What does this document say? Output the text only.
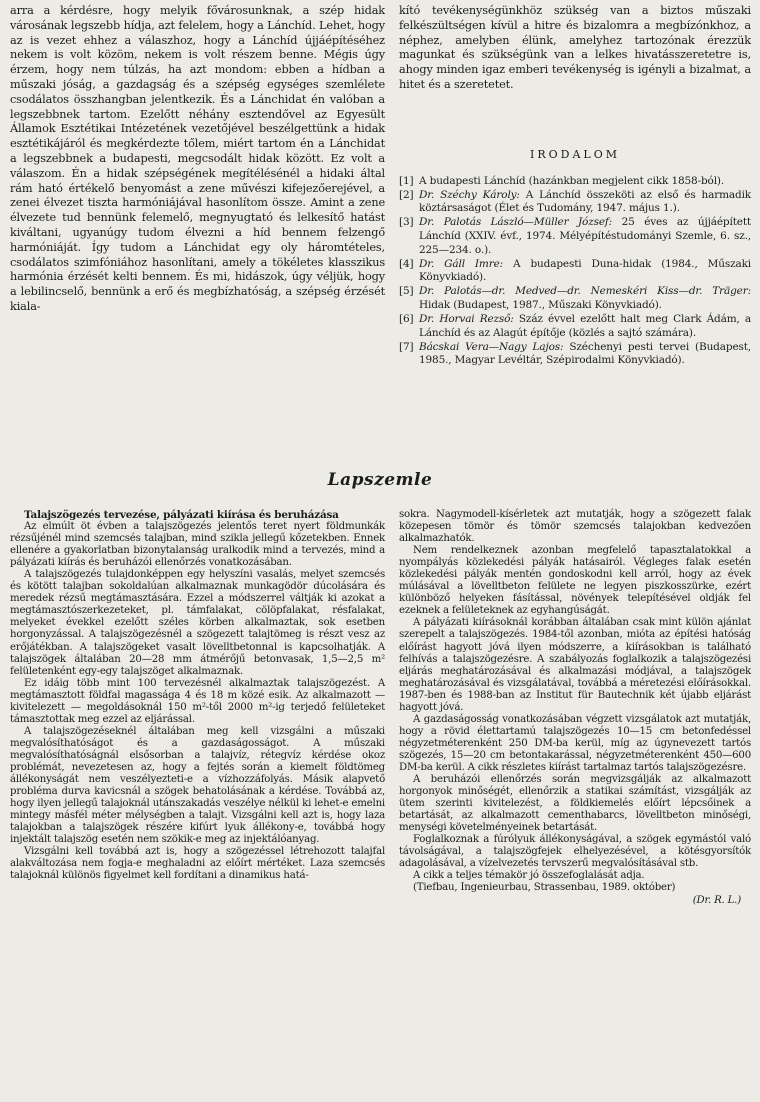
arra a kérdésre, hogy melyik fővárosunknak, a szép hidak városának legszebb hídja, azt felelem, hogy a Lánchíd. Lehet, hogy az is vezet ehhez a válaszhoz, hogy a Lánchíd újjáépítéséhez nekem is volt közöm, nekem is volt részem benne. Mégis úgy érzem, hogy nem túlzás, ha azt mondom: ebben a hídban a műszaki jóság, a gazdagság és a szépség egységes szemlélete csodálatos összhangban jelentkezik. És a Lánchidat én valóban a legszebbnek tartom. Ezelőtt néhány esztendővel az Egyesült Államok Esztétikai Intézetének vezetőjével beszélgettünk a hidak esztétikájáról és megkérdezte tőlem, miért tartom én a Lánchidat a legszebbnek a budapesti, megcsodált hidak között. Ez volt a válaszom. Én a hidak szépségének megítélésénél a hidaki által rám ható értékelő benyomást a zene művészi kifejezőerejével, a zenei élvezet tiszta harmóniájával hasonlítom össze. Amint a zene élvezete tud bennünk felemelő, megnyugtató és lelkesítő hatást kiváltani, ugyanúgy tudom élvezni a híd bennem felzengő harmóniáját. Így tudom a Lánchidat egy oly háromtételes, csodálatos szimfóniához hasonlítani, amely a tökéletes klasszikus harmónia érzését kelti bennem. És mi, hidászok, úgy véljük, hogy a lebilincselő, bennünk a erő és megbízhatóság, a szépség érzését kiala-

kító tevékenységünkhöz szükség van a biztos műszaki felkészültségen kívül a hitre és bizalomra a megbízónkhoz, a néphez, amelyben élünk, amelyhez tartozónak érezzük magunkat és szükségünk van a lelkes hivatásszeretetre is, ahogy minden igaz emberi tevékenység is igényli a bizalmat, a hitet és a szeretetet.

IRODALOM
[1] A budapesti Lánchíd (hazánkban megjelent cikk 1858-ból).
[2] Dr. Széchy Károly: A Lánchíd összeköti az első és harmadik köztársaságot (Élet és Tudomány, 1947. május 1.).
[3] Dr. Palotás László—Müller József: 25 éves az újjáépített Lánchíd (XXIV. évf., 1974. Mélyépítéstudományi Szemle, 6. sz., 225—234. o.).
[4] Dr. Gáll Imre: A budapesti Duna-hidak (1984., Műszaki Könyvkiadó).
[5] Dr. Palotás—dr. Medved—dr. Nemeskéri Kiss—dr. Träger: Hidak (Budapest, 1987., Műszaki Könyvkiadó).
[6] Dr. Horvai Rezső: Száz évvel ezelőtt halt meg Clark Ádám, a Lánchíd és az Alagút építője (közlés a sajtó számára).
[7] Bácskai Vera—Nagy Lajos: Széchenyi pesti tervei (Budapest, 1985., Magyar Levéltár, Szépirodalmi Könyvkiadó).
Lapszemle

Talajszögezés tervezése, pályázati kiírása és beruházása

Az elmúlt öt évben a talajszögezés jelentős teret nyert földmunkák rézsűjénél mind szemcsés talajban, mind szikla jellegű kőzetekben. Ennek ellenére a gyakorlatban bizonytalanság uralkodik mind a tervezés, mind a pályázati kiírás és beruházói ellenőrzés vonatkozásában.

A talajszögezés tulajdonképpen egy helyszíni vasalás, melyet szemcsés és kötött talajban sokoldalúan alkalmaznak munkagödör dúcolására és meredek rézsű megtámasztására. Ezzel a módszerrel váltják ki azokat a megtámasztószerkezeteket, pl. támfalakat, cölöpfalakat, résfalakat, melyeket évekkel ezelőtt széles körben alkalmaztak, sok esetben horgonyzással. A talajszögezésnél a szögezett talajtömeg is részt vesz az erőjátékban. A talajszögeket vasalt lövelltbetonnal is kapcsolhatják. A talajszögek általában 20—28 mm átmérőjű betonvasak, 1,5—2,5 m² felületenként egy-egy talajszöget alkalmaznak.

Ez idáig több mint 100 tervezésnél alkalmaztak talajszögezést. A megtámasztott földfal magassága 4 és 18 m közé esik. Az alkalmazott — kivitelezett — megoldásoknál 150 m²-től 2000 m²-ig terjedő felületeket támasztottak meg ezzel az eljárással.

A talajszögezéseknél általában meg kell vizsgálni a műszaki megvalósíthatóságot és a gazdaságosságot. A műszaki megvalósíthatóságnál elsősorban a talajvíz, rétegvíz kérdése okoz problémát, nevezetesen az, hogy a fejtés során a kiemelt földtömeg állékonyságát nem veszélyezteti-e a vízhozzáfolyás. Másik alapvető probléma durva kavicsnál a szögek behatolásának a kérdése. Továbbá az, hogy ilyen jellegű talajoknál utánszakadás veszélye nélkül ki lehet-e emelni mintegy másfél méter mélységben a talajt. Vizsgálni kell azt is, hogy laza talajokban a talajszögek részére kifúrt lyuk állékony-e, továbbá hogy injektált talajszög esetén nem szökik-e meg az injektálóanyag.

Vizsgálni kell továbbá azt is, hogy a szögezéssel létrehozott talajfal alakváltozása nem fogja-e meghaladni az előírt mértéket. Laza szemcsés talajoknál különös figyelmet kell fordítani a dinamikus hatá-

sokra. Nagymodell-kísérletek azt mutatják, hogy a szögezett falak közepesen tömör és tömör szemcsés talajokban kedvezően alkalmazhatók.

Nem rendelkeznek azonban megfelelő tapasztalatokkal a nyompályás közlekedési pályák hatásairól. Végleges falak esetén közlekedési pályák mentén gondoskodni kell arról, hogy az évek múlásával a lövelltbeton felülete ne legyen piszkosszürke, ezért különböző helyeken fásítással, növények telepítésével oldják fel ezeknek a felületeknek az egyhangúságát.

A pályázati kiírásoknál korábban általában csak mint külön ajánlat szerepelt a talajszögezés. 1984-től azonban, mióta az építési hatóság előírást hagyott jóvá ilyen módszerre, a kiírásokban is található felhívás a talajszögezésre. A szabályozás foglalkozik a talajszögezési eljárás meghatározásával és alkalmazási módjával, a talajszögek meghatározásával és vizsgálatával, továbbá a méretezési előírásokkal. 1987-ben és 1988-ban az Institut für Bautechnik két újabb eljárást hagyott jóvá.

A gazdaságosság vonatkozásában végzett vizsgálatok azt mutatják, hogy a rövid élettartamú talajszögezés 10—15 cm betonfedéssel négyzetméterenként 250 DM-ba kerül, míg az úgynevezett tartós szögezés, 15—20 cm betontakarással, négyzetméterenként 450—600 DM-ba kerül. A cikk részletes kiírást tartalmaz tartós talajszögezésre.

A beruházói ellenőrzés során megvizsgálják az alkalmazott horgonyok minőségét, ellenőrzik a statikai számítást, vizsgálják az ütem szerinti kivitelezést, a földkiemelés előírt lépcsőinek a betartását, az alkalmazott cementhabarcs, lövelltbeton minőségi, menységi követelményeinek betartását.

Foglalkoznak a fúrólyuk állékonyságával, a szögek egymástól való távolságával, a talajszögfejek elhelyezésével, a kötésgyorsítók adagolásával, a vízelvezetés tervszerű megvalósításával stb.

A cikk a teljes témakör jó összefoglalását adja.

(Tiefbau, Ingenieurbau, Strassenbau, 1989. október)

(Dr. R. L.)
